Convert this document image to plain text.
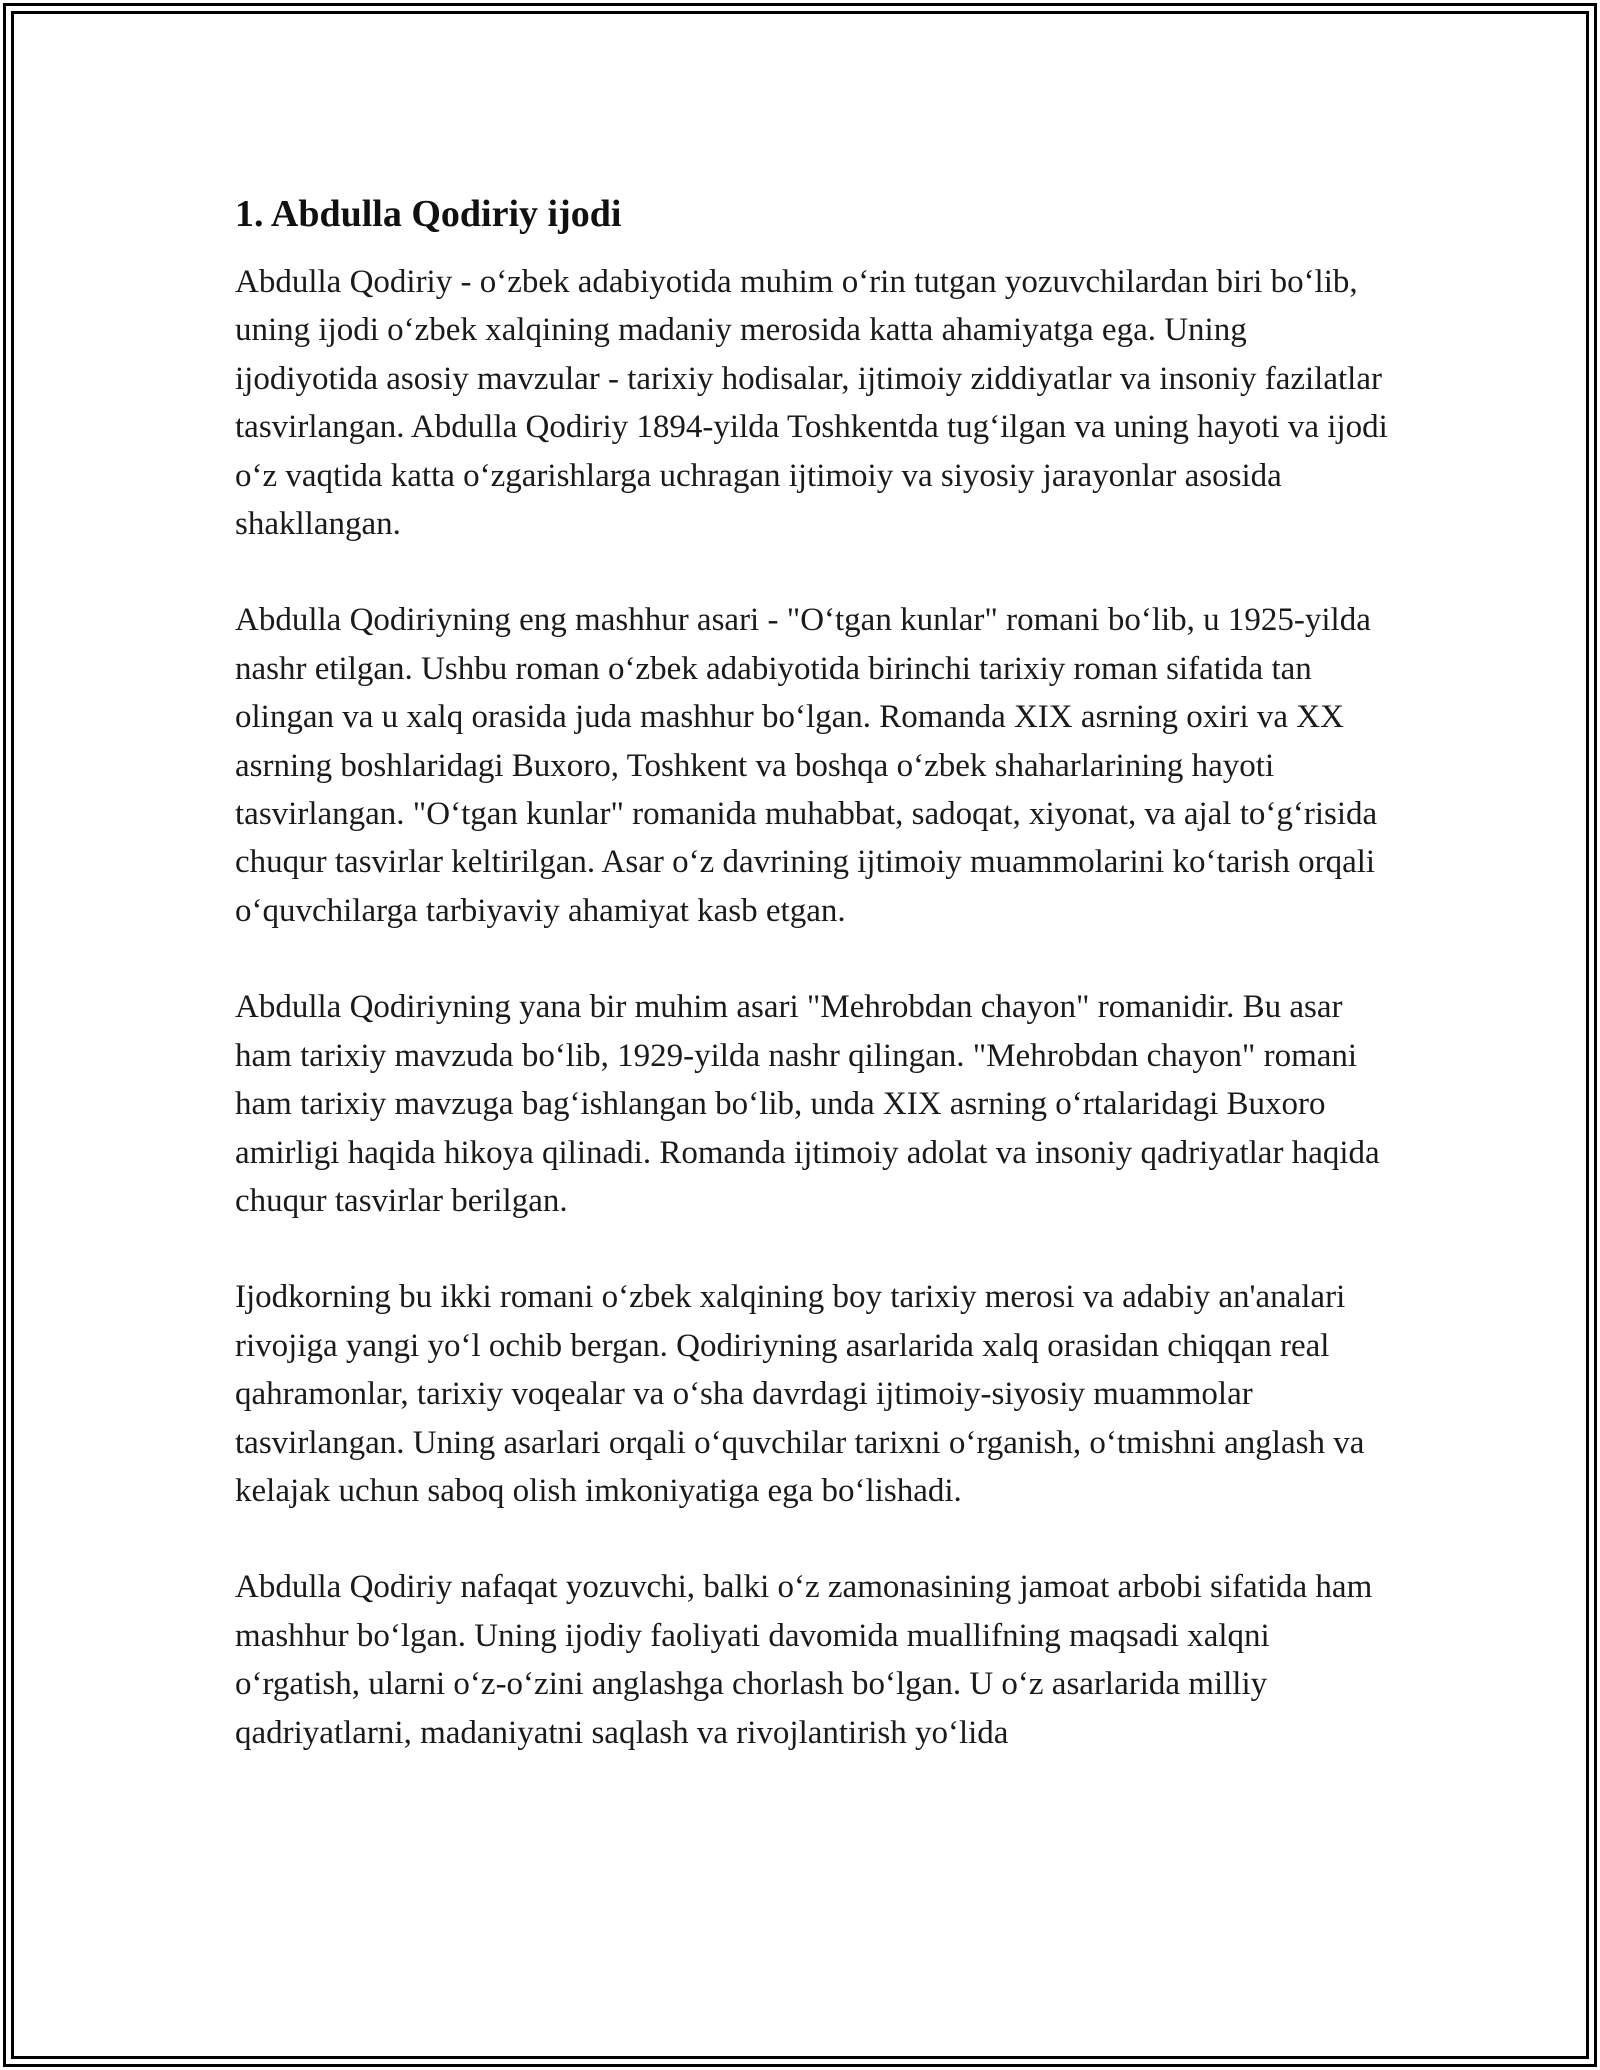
1. Abdulla Qodiriy ijodi

Abdulla Qodiriy - o‘zbek adabiyotida muhim o‘rin tutgan yozuvchilardan biri bo‘lib, uning ijodi o‘zbek xalqining madaniy merosida katta ahamiyatga ega. Uning ijodiyotida asosiy mavzular - tarixiy hodisalar, ijtimoiy ziddiyatlar va insoniy fazilatlar tasvirlangan. Abdulla Qodiriy 1894-yilda Toshkentda tug‘ilgan va uning hayoti va ijodi o‘z vaqtida katta o‘zgarishlarga uchragan ijtimoiy va siyosiy jarayonlar asosida shakllangan.

Abdulla Qodiriyning eng mashhur asari - "O‘tgan kunlar" romani bo‘lib, u 1925-yilda nashr etilgan. Ushbu roman o‘zbek adabiyotida birinchi tarixiy roman sifatida tan olingan va u xalq orasida juda mashhur bo‘lgan. Romanda XIX asrning oxiri va XX asrning boshlaridagi Buxoro, Toshkent va boshqa o‘zbek shaharlarining hayoti tasvirlangan. "O‘tgan kunlar" romanida muhabbat, sadoqat, xiyonat, va ajal to‘g‘risida chuqur tasvirlar keltirilgan. Asar o‘z davrining ijtimoiy muammolarini ko‘tarish orqali o‘quvchilarga tarbiyaviy ahamiyat kasb etgan.

Abdulla Qodiriyning yana bir muhim asari "Mehrobdan chayon" romanidir. Bu asar ham tarixiy mavzuda bo‘lib, 1929-yilda nashr qilingan. "Mehrobdan chayon" romani ham tarixiy mavzuga bag‘ishlangan bo‘lib, unda XIX asrning o‘rtalaridagi Buxoro amirligi haqida hikoya qilinadi. Romanda ijtimoiy adolat va insoniy qadriyatlar haqida chuqur tasvirlar berilgan.

Ijodkorning bu ikki romani o‘zbek xalqining boy tarixiy merosi va adabiy an'analari rivojiga yangi yo‘l ochib bergan. Qodiriyning asarlarida xalq orasidan chiqqan real qahramonlar, tarixiy voqealar va o‘sha davrdagi ijtimoiy-siyosiy muammolar tasvirlangan. Uning asarlari orqali o‘quvchilar tarixni o‘rganish, o‘tmishni anglash va kelajak uchun saboq olish imkoniyatiga ega bo‘lishadi.

Abdulla Qodiriy nafaqat yozuvchi, balki o‘z zamonasining jamoat arbobi sifatida ham mashhur bo‘lgan. Uning ijodiy faoliyati davomida muallifning maqsadi xalqni o‘rgatish, ularni o‘z-o‘zini anglashga chorlash bo‘lgan. U o‘z asarlarida milliy qadriyatlarni, madaniyatni saqlash va rivojlantirish yo‘lida
